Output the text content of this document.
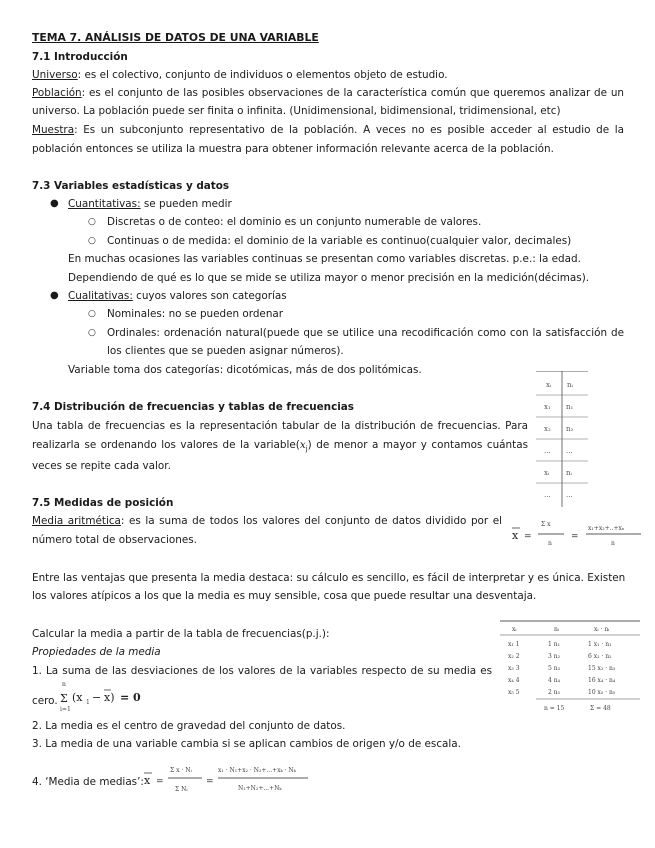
TEMA 7. ANÁLISIS DE DATOS DE UNA VARIABLE
7.1 Introducción
Universo: es el colectivo, conjunto de individuos o elementos objeto de estudio.
Población: es el conjunto de las posibles observaciones de la característica común que queremos analizar de un
universo. La población puede ser finita o infinita. (Unidimensional, bidimensional, tridimensional, etc)
Muestra: Es un subconjunto representativo de la población. A veces no es posible acceder al estudio de la
población entonces se utiliza la muestra para obtener información relevante acerca de la población.
7.3 Variables estadísticas y datos
● Cuantitativas: se pueden medir
○ Discretas o de conteo: el dominio es un conjunto numerable de valores.
○ Continuas o de medida: el dominio de la variable es continuo(cualquier valor, decimales)
En muchas ocasiones las variables continuas se presentan como variables discretas. p.e.: la edad.
Dependiendo de qué es lo que se mide se utiliza mayor o menor precisión en la medición(décimas).
● Cualitativas: cuyos valores son categorías
○ Nominales: no se pueden ordenar
○ Ordinales: ordenación natural(puede que se utilice una recodificación como con la satisfacción de
los clientes que se pueden asignar números).
Variable toma dos categorías: dicotómicas, más de dos politómicas.
7.4 Distribución de frecuencias y tablas de frecuencias
Una tabla de frecuencias es la representación tabular de la distribución de frecuencias. Para
realizarla se ordenando los valores de la $variable(x_j)$ de menor a mayor y contamos cuántas
veces se repite cada valor.
xᵢ nᵢ
x₁ n₁
x₂ n₂
... ...
xᵢ nᵢ
... ...
7.5 Medidas de posición
Media aritmética: es la suma de todos los valores del conjunto de datos dividido por el
número total de observaciones.	x =
Σ x
n
=
x₁+x₂+..+xₙ
n
Entre las ventajas que presenta la media destaca: su cálculo es sencillo, es fácil de interpretar y es única. Existen
los valores atípicos a los que la media es muy sensible, cosa que puede resultar una desventaja.
Calcular la media a partir de la tabla de frecuencias(p.j.):
Propiedades de la media
1. La suma de las desviaciones de los valores de la variables respecto de su media es
cero.
n
Σ
i=1
(x 1 − x) = 0
2. La media es el centro de gravedad del conjunto de datos.
3. La media de una variable cambia si se aplican cambios de origen y/o de escala.
4. ‘Media de medias’: x =
Σ x · Nᵢ
Σ Nᵢ
=
x₁ · N₁+x₂ · N₂+...+xₖ · Nₖ
N₁+N₂+...+Nₖ
xᵢ	nᵢ	xᵢ · nᵢ
x₁ 1	1 n₁	1 x₁ · n₁
x₂ 2	3 n₂	6 x₂ · n₂
x₃ 3	5 n₃	15 x₃ · n₃
x₄ 4	4 n₄	16 x₄ · n₄
x₅ 5	2 n₅	10 x₅ · n₅
n = 15	Σ = 48
